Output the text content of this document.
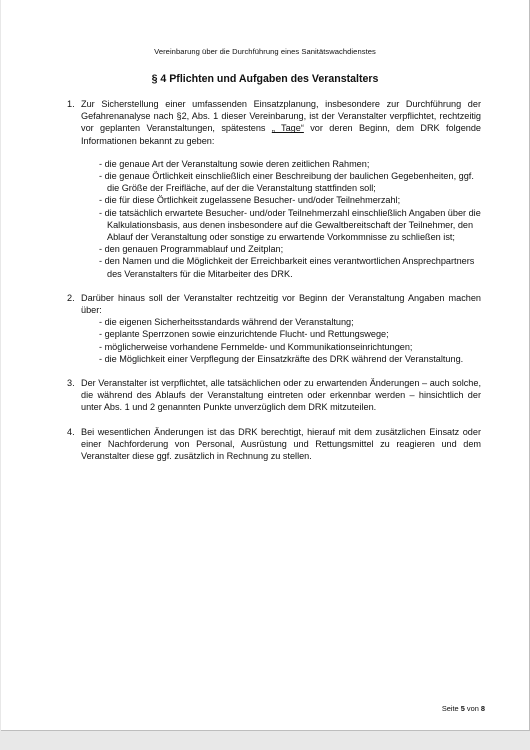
Vereinbarung über die Durchführung eines Sanitätswachdienstes
§ 4 Pflichten und Aufgaben des Veranstalters
1. Zur Sicherstellung einer umfassenden Einsatzplanung, insbesondere zur Durchführung der Gefahrenanalyse nach §2, Abs. 1 dieser Vereinbarung, ist der Veranstalter verpflichtet, rechtzeitig vor geplanten Veranstaltungen, spätestens „ Tage“ vor deren Beginn, dem DRK folgende Informationen bekannt zu geben:
- die genaue Art der Veranstaltung sowie deren zeitlichen Rahmen;
- die genaue Örtlichkeit einschließlich einer Beschreibung der baulichen Gegebenheiten, ggf. die Größe der Freifläche, auf der die Veranstaltung stattfinden soll;
- die für diese Örtlichkeit zugelassene Besucher- und/oder Teilnehmerzahl;
- die tatsächlich erwartete Besucher- und/oder Teilnehmerzahl einschließlich Angaben über die Kalkulationsbasis, aus denen insbesondere auf die Gewaltbereitschaft der Teilnehmer, den Ablauf der Veranstaltung oder sonstige zu erwartende Vorkommnisse zu schließen ist;
- den genauen Programmablauf und Zeitplan;
- den Namen und die Möglichkeit der Erreichbarkeit eines verantwortlichen Ansprechpartners des Veranstalters für die Mitarbeiter des DRK.
2. Darüber hinaus soll der Veranstalter rechtzeitig vor Beginn der Veranstaltung Angaben machen über:
- die eigenen Sicherheitsstandards während der Veranstaltung;
- geplante Sperrzonen sowie einzurichtende Flucht- und Rettungswege;
- möglicherweise vorhandene Fernmelde- und Kommunikationseinrichtungen;
- die Möglichkeit einer Verpflegung der Einsatzkräfte des DRK während der Veranstaltung.
3. Der Veranstalter ist verpflichtet, alle tatsächlichen oder zu erwartenden Änderungen – auch solche, die während des Ablaufs der Veranstaltung eintreten oder erkennbar werden – hinsichtlich der unter Abs. 1 und 2 genannten Punkte unverzüglich dem DRK mitzuteilen.
4. Bei wesentlichen Änderungen ist das DRK berechtigt, hierauf mit dem zusätzlichen Einsatz oder einer Nachforderung von Personal, Ausrüstung und Rettungsmittel zu reagieren und dem Veranstalter diese ggf. zusätzlich in Rechnung zu stellen.
Seite 5 von 8
